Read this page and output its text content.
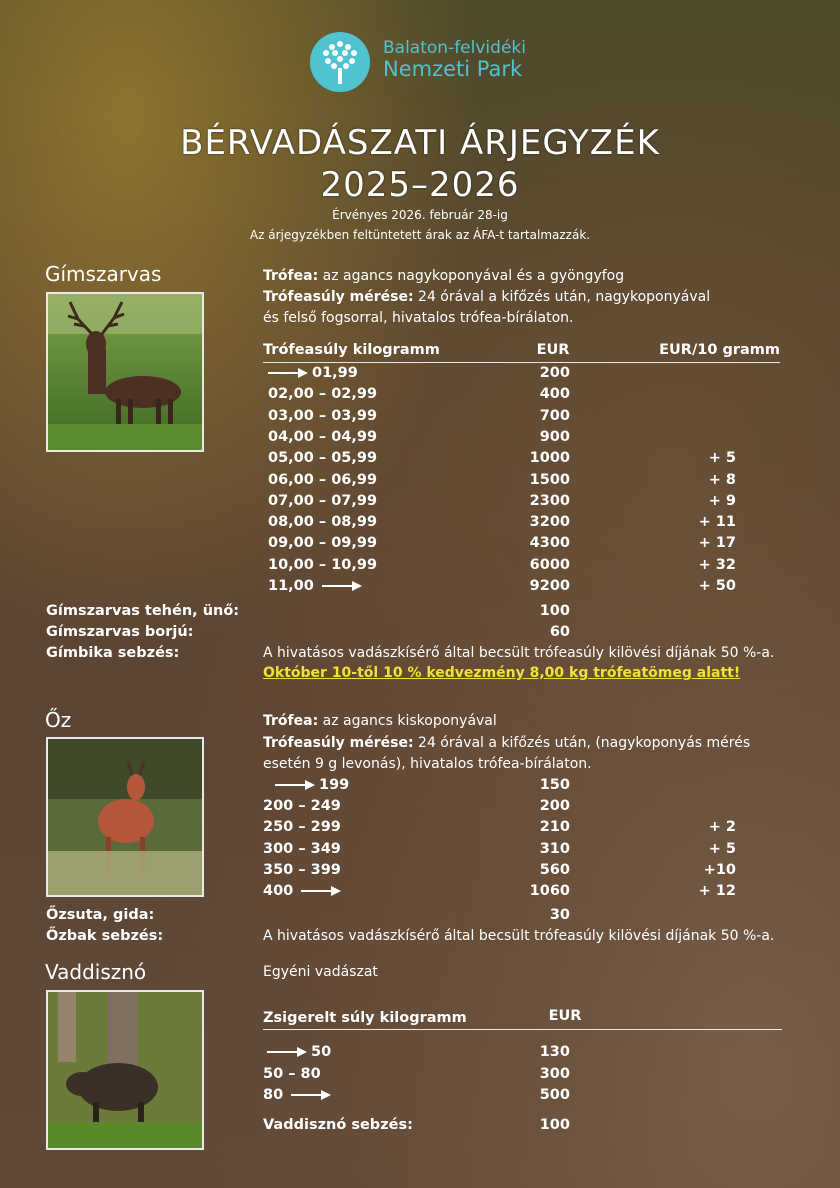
Balaton-felvidéki
Nemzeti Park
BÉRVADÁSZATI ÁRJEGYZÉK
2025–2026
Érvényes 2026. február 28-ig
Az árjegyzékben feltüntetett árak az ÁFA-t tartalmazzák.
Gímszarvas	Trófea: az agancs nagykoponyával és a gyöngyfog
Trófeasúly mérése: 24 órával a kifőzés után, nagykoponyával
és felső fogsorral, hivatalos trófea-bírálaton.
Trófeasúly kilogramm	EUR	EUR/10 gramm
01,99	200
02,00 – 02,99	400
03,00 – 03,99	700
04,00 – 04,99	900
05,00 – 05,99	1000	+ 5
06,00 – 06,99	1500	+ 8
07,00 – 07,99	2300	+ 9
08,00 – 08,99	3200	+ 11
09,00 – 09,99	4300	+ 17
10,00 – 10,99	6000	+ 32
11,00	9200	+ 50
Gímszarvas tehén, ünő:	100
Gímszarvas borjú:	60
Gímbika sebzés:	A hivatásos vadászkísérő által becsült trófeasúly kilövési díjának 50 %-a.
Október 10-től 10 % kedvezmény 8,00 kg trófeatömeg alatt!
Őz	Trófea: az agancs kiskoponyával
Trófeasúly mérése: 24 órával a kifőzés után, (nagykoponyás mérés
esetén 9 g levonás), hivatalos trófea-bírálaton.
199	150
200 – 249	200
250 – 299	210	+ 2
300 – 349	310	+ 5
350 – 399	560	+10
400	1060	+ 12
Őzsuta, gida:	30
Őzbak sebzés:	A hivatásos vadászkísérő által becsült trófeasúly kilövési díjának 50 %-a.
Vaddisznó	Egyéni vadászat
Zsigerelt súly kilogramm	EUR
50	130
50 – 80	300
80	500
Vaddisznó sebzés:	100
